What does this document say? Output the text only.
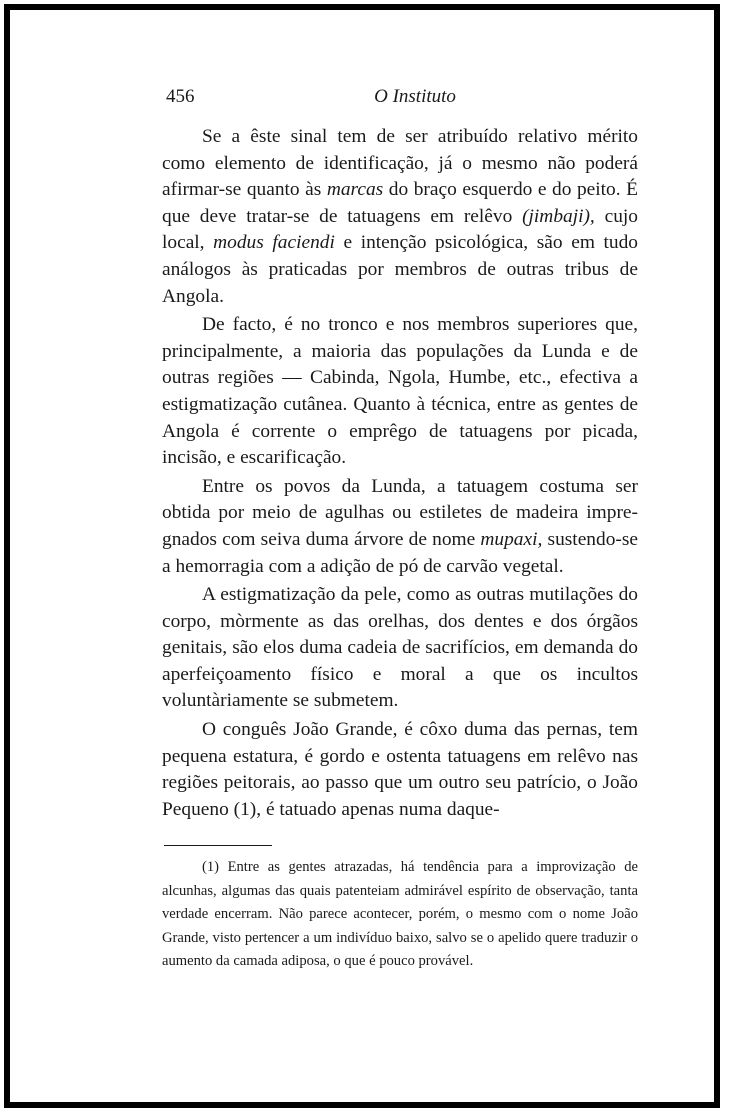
456	O Instituto

Se a êste sinal tem de ser atribuído relativo mérito como elemento de identificação, já o mesmo não poderá afirmar-se quanto às marcas do braço esquerdo e do peito. É que deve tratar-se de tatuagens em relêvo (jimbaji), cujo local, modus faciendi e intenção psicológica, são em tudo análogos às praticadas por membros de outras tribus de Angola.

De facto, é no tronco e nos membros superiores que, principalmente, a maioria das populações da Lunda e de outras regiões — Cabinda, Ngola, Humbe, etc., efectiva a estigmatização cutânea. Quanto à técnica, entre as gentes de Angola é corrente o emprêgo de tatuagens por picada, incisão, e escarificação.

Entre os povos da Lunda, a tatuagem costuma ser obtida por meio de agulhas ou estiletes de madeira impregnados com seiva duma árvore de nome mupaxi, sustendo-se a hemorragia com a adição de pó de carvão vegetal.

A estigmatização da pele, como as outras mutilações do corpo, mòrmente as das orelhas, dos dentes e dos órgãos genitais, são elos duma cadeia de sacrifícios, em demanda do aperfeiçoamento físico e moral a que os incultos voluntàriamente se submetem.

O conguês João Grande, é côxo duma das pernas, tem pequena estatura, é gordo e ostenta tatuagens em relêvo nas regiões peitorais, ao passo que um outro seu patrício, o João Pequeno (1), é tatuado apenas numa daque-

(1) Entre as gentes atrazadas, há tendência para a improvização de alcunhas, algumas das quais patenteiam admirável espírito de observação, tanta verdade encerram. Não parece acontecer, porém, o mesmo com o nome João Grande, visto pertencer a um indivíduo baixo, salvo se o apelido quere traduzir o aumento da camada adiposa, o que é pouco provável.
